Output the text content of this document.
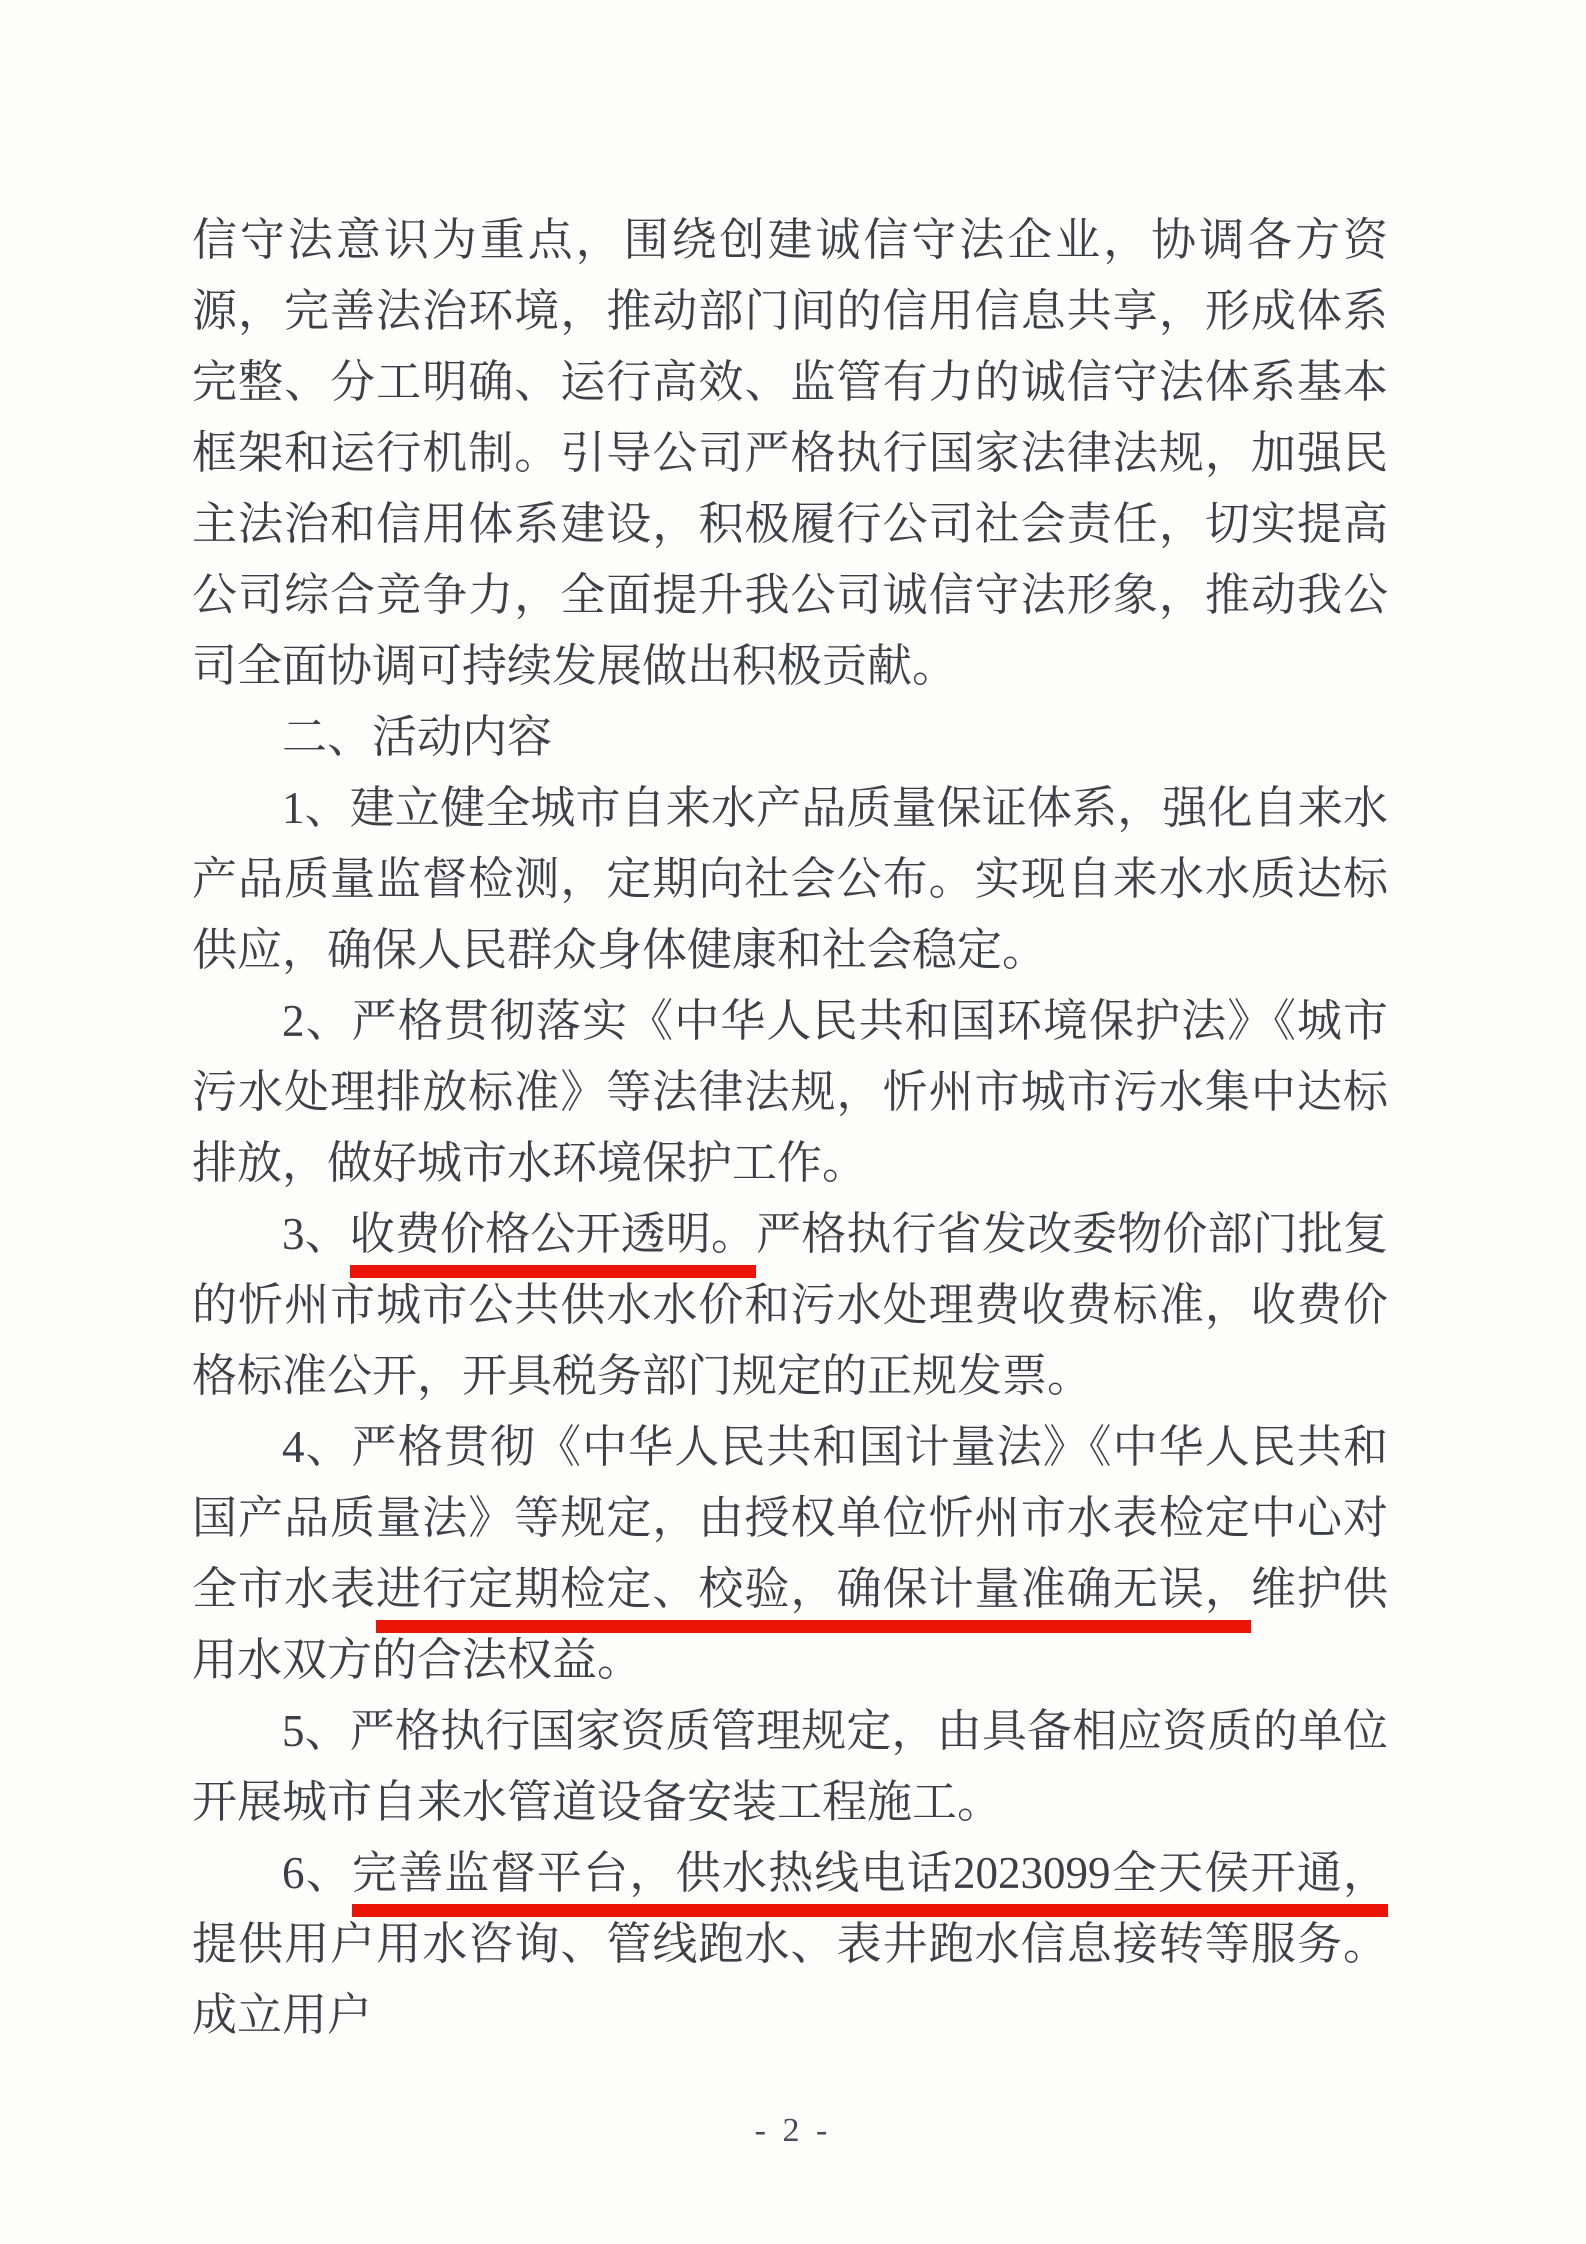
信守法意识为重点，围绕创建诚信守法企业，协调各方资源，完善法治环境，推动部门间的信用信息共享，形成体系完整、分工明确、运行高效、监管有力的诚信守法体系基本框架和运行机制。引导公司严格执行国家法律法规，加强民主法治和信用体系建设，积极履行公司社会责任，切实提高公司综合竞争力，全面提升我公司诚信守法形象，推动我公司全面协调可持续发展做出积极贡献。

二、活动内容

1、建立健全城市自来水产品质量保证体系，强化自来水产品质量监督检测，定期向社会公布。实现自来水水质达标供应，确保人民群众身体健康和社会稳定。

2、严格贯彻落实《中华人民共和国环境保护法》《城市污水处理排放标准》等法律法规，忻州市城市污水集中达标排放，做好城市水环境保护工作。

3、收费价格公开透明。严格执行省发改委物价部门批复的忻州市城市公共供水水价和污水处理费收费标准，收费价格标准公开，开具税务部门规定的正规发票。

4、严格贯彻《中华人民共和国计量法》《中华人民共和国产品质量法》等规定，由授权单位忻州市水表检定中心对全市水表进行定期检定、校验，确保计量准确无误，维护供用水双方的合法权益。

5、严格执行国家资质管理规定，由具备相应资质的单位开展城市自来水管道设备安装工程施工。

6、完善监督平台，供水热线电话2023099全天侯开通，提供用户用水咨询、管线跑水、表井跑水信息接转等服务。成立用户

- 2 -
